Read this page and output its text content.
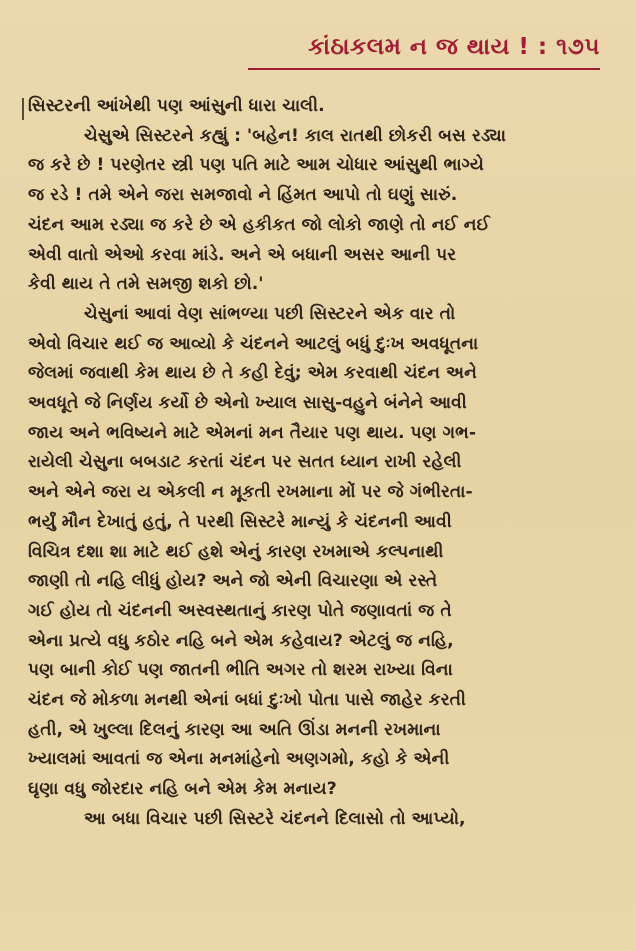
કાંઠાકલમ ન જ થાય ! : ૧૭૫
સિસ્ટરની આંખેથી પણ આંસુની ધારા ચાલી.
ચેસુએ સિસ્ટરને કહ્યું : 'બહેન! કાલ રાતથી છોકરી બસ રડ્યા
જ કરે છે ! પરણેતર સ્ત્રી પણ પતિ માટે આમ ચોધાર આંસુથી ભાગ્યે
જ રડે ! તમે એને જરા સમજાવો ને હિંમત આપો તો ઘણું સારું.
ચંદન આમ રડ્યા જ કરે છે એ હકીકત જો લોકો જાણે તો નઈ નઈ
એવી વાતો એઓ કરવા માંડે. અને એ બધાની અસર આની પર
કેવી થાય તે તમે સમજી શકો છો.'
ચેસુનાં આવાં વેણ સાંભળ્યા પછી સિસ્ટરને એક વાર તો
એવો વિચાર થઈ જ આવ્યો કે ચંદનને આટલું બધું દુઃખ અવધૂતના
જેલમાં જવાથી કેમ થાય છે તે કહી દેવું; એમ કરવાથી ચંદન અને
અવધૂતે જે નિર્ણય કર્યો છે એનો ખ્યાલ સાસુ-વહુને બંનેને આવી
જાય અને ભવિષ્યને માટે એમનાં મન તૈયાર પણ થાય. પણ ગભ-
રાયેલી ચેસુના બબડાટ કરતાં ચંદન પર સતત ધ્યાન રાખી રહેલી
અને એને જરા ય એકલી ન મૂકતી રખમાના મોં પર જે ગંભીરતા-
ભર્યું મૌન દેખાતું હતું, તે પરથી સિસ્ટરે માન્યું કે ચંદનની આવી
વિચિત્ર દશા શા માટે થઈ હશે એનું કારણ રખમાએ કલ્પનાથી
જાણી તો નહિ લીધું હોય? અને જો એની વિચારણા એ રસ્તે
ગઈ હોય તો ચંદનની અસ્વસ્થતાનું કારણ પોતે જણાવતાં જ તે
એના પ્રત્યે વધુ કઠોર નહિ બને એમ કહેવાય? એટલું જ નહિ,
પણ બાની કોઈ પણ જાતની ભીતિ અગર તો શરમ રાખ્યા વિના
ચંદન જે મોકળા મનથી એનાં બધાં દુઃખો પોતા પાસે જાહેર કરતી
હતી, એ ખુલ્લા દિલનું કારણ આ અતિ ઊંડા મનની રખમાના
ખ્યાલમાં આવતાં જ એના મનમાંહેનો અણગમો, કહો કે એની
ઘૃણા વધુ જોરદાર નહિ બને એમ કેમ મનાય?
આ બધા વિચાર પછી સિસ્ટરે ચંદનને દિલાસો તો આપ્યો,
